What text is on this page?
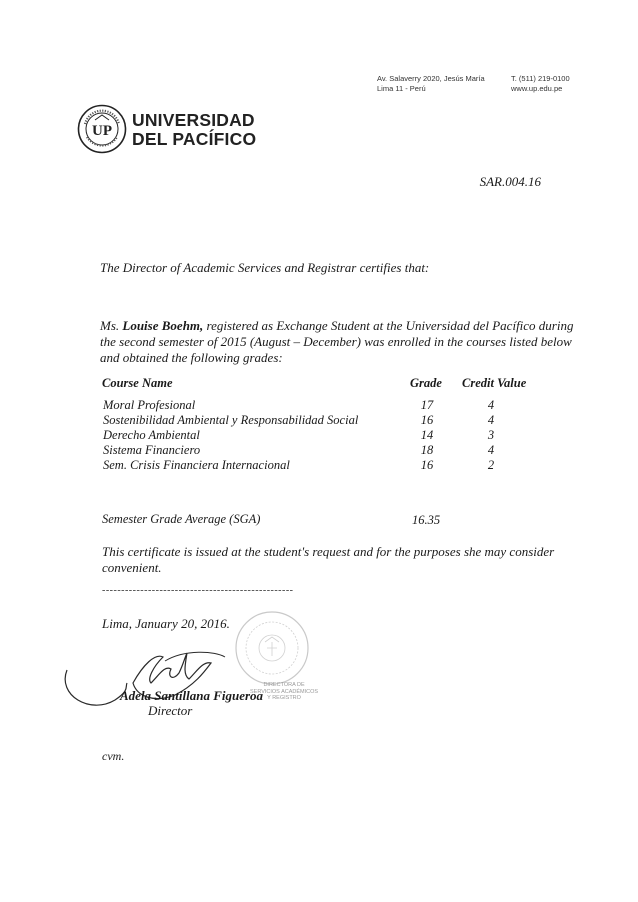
Av. Salaverry 2020, Jesús María
Lima 11 - Perú
T. (511) 219-0100
www.up.edu.pe
UP
UNIVERSIDAD
DEL PACÍFICO
SAR.004.16
The Director of Academic Services and Registrar certifies that:
Ms. Louise Boehm, registered as Exchange Student at the Universidad del Pacífico during
the second semester of 2015 (August – December) was enrolled in the courses listed below
and obtained the following grades:
Course Name	Grade Credit Value
Moral Profesional	17	4
Sostenibilidad Ambiental y Responsabilidad Social	16	4
Derecho Ambiental	14	3
Sistema Financiero	18	4
Sem. Crisis Financiera Internacional	16	2
Semester Grade Average (SGA)	16.35
This certificate is issued at the student's request and for the purposes she may consider
convenient.
--------------------------------------------------
Lima, January 20, 2016.
DIRECTORA DE
SERVICIOS ACADÉMICOS
Y REGISTRO
Adela Santillana Figueroa
Director
cvm.
